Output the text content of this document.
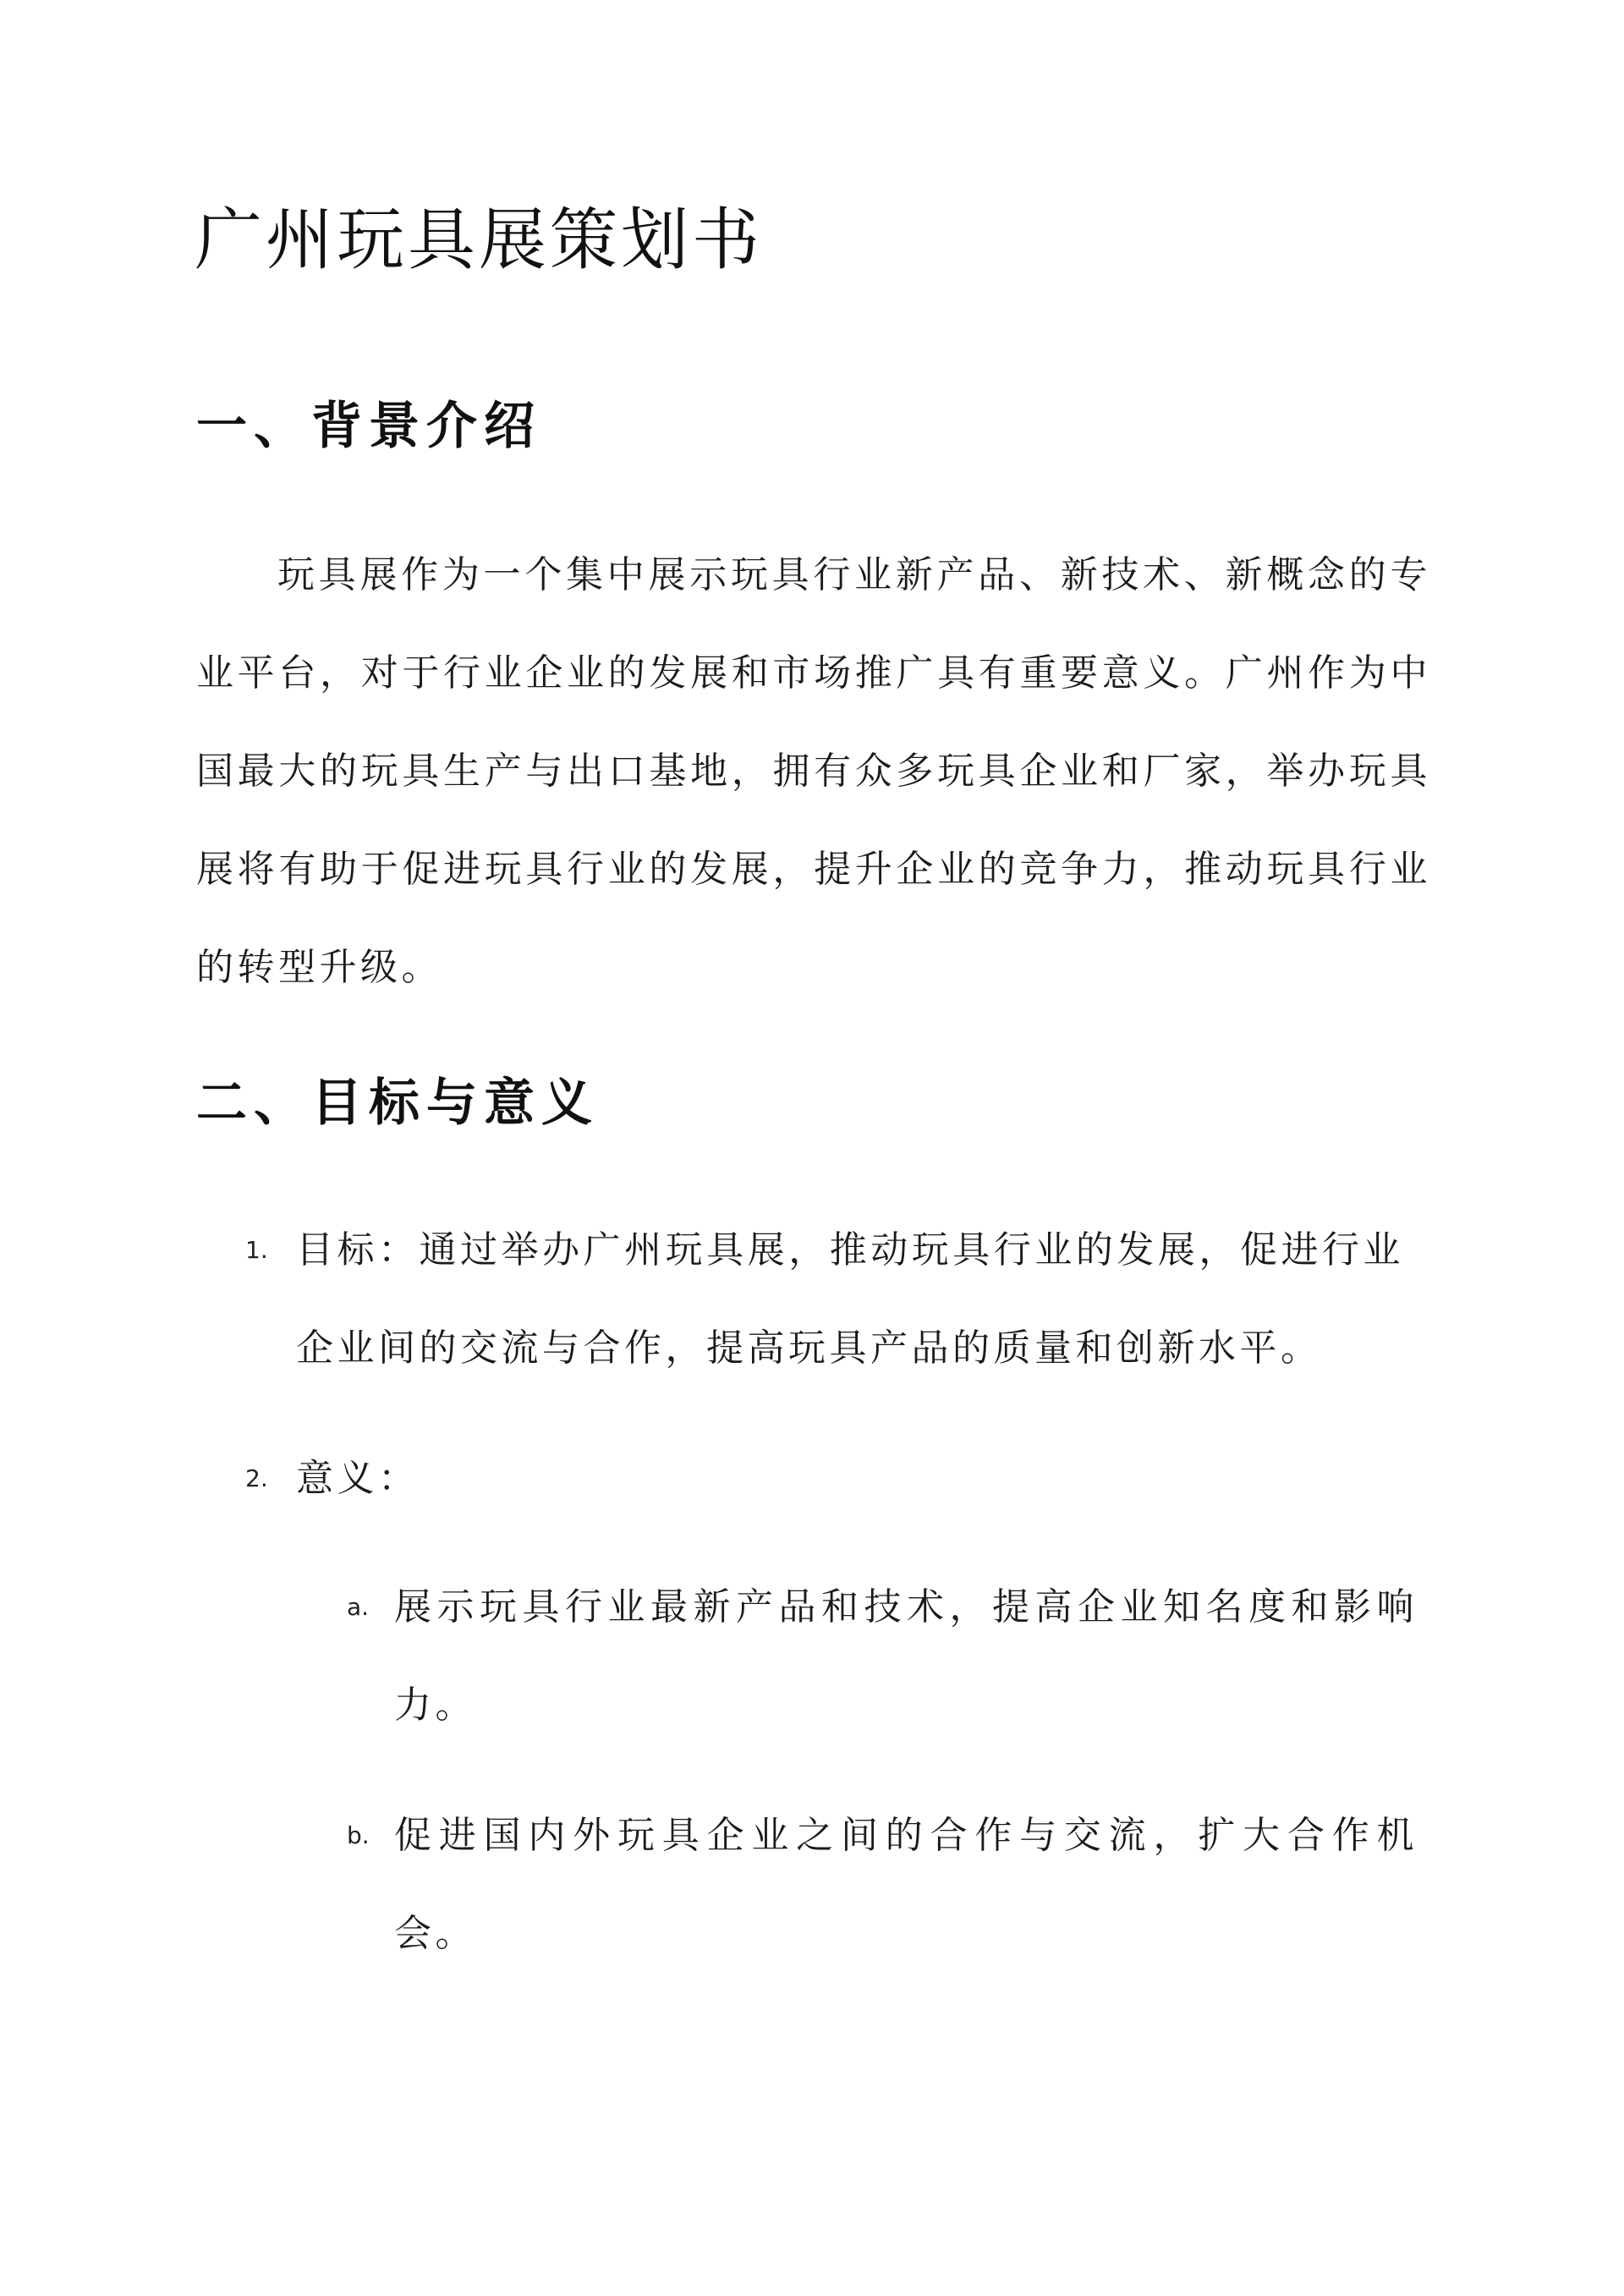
广州玩具展策划书
一、背景介绍

玩具展作为一个集中展示玩具行业新产品、新技术、新概念的专业平台，对于行业企业的发展和市场推广具有重要意义。广州作为中国最大的玩具生产与出口基地，拥有众多玩具企业和厂家，举办玩具展将有助于促进玩具行业的发展，提升企业的竞争力，推动玩具行业的转型升级。

二、目标与意义
1. 目标：通过举办广州玩具展，推动玩具行业的发展，促进行业企业间的交流与合作，提高玩具产品的质量和创新水平。

2. 意义：

a. 展示玩具行业最新产品和技术，提高企业知名度和影响力。

b. 促进国内外玩具企业之间的合作与交流，扩大合作机会。
